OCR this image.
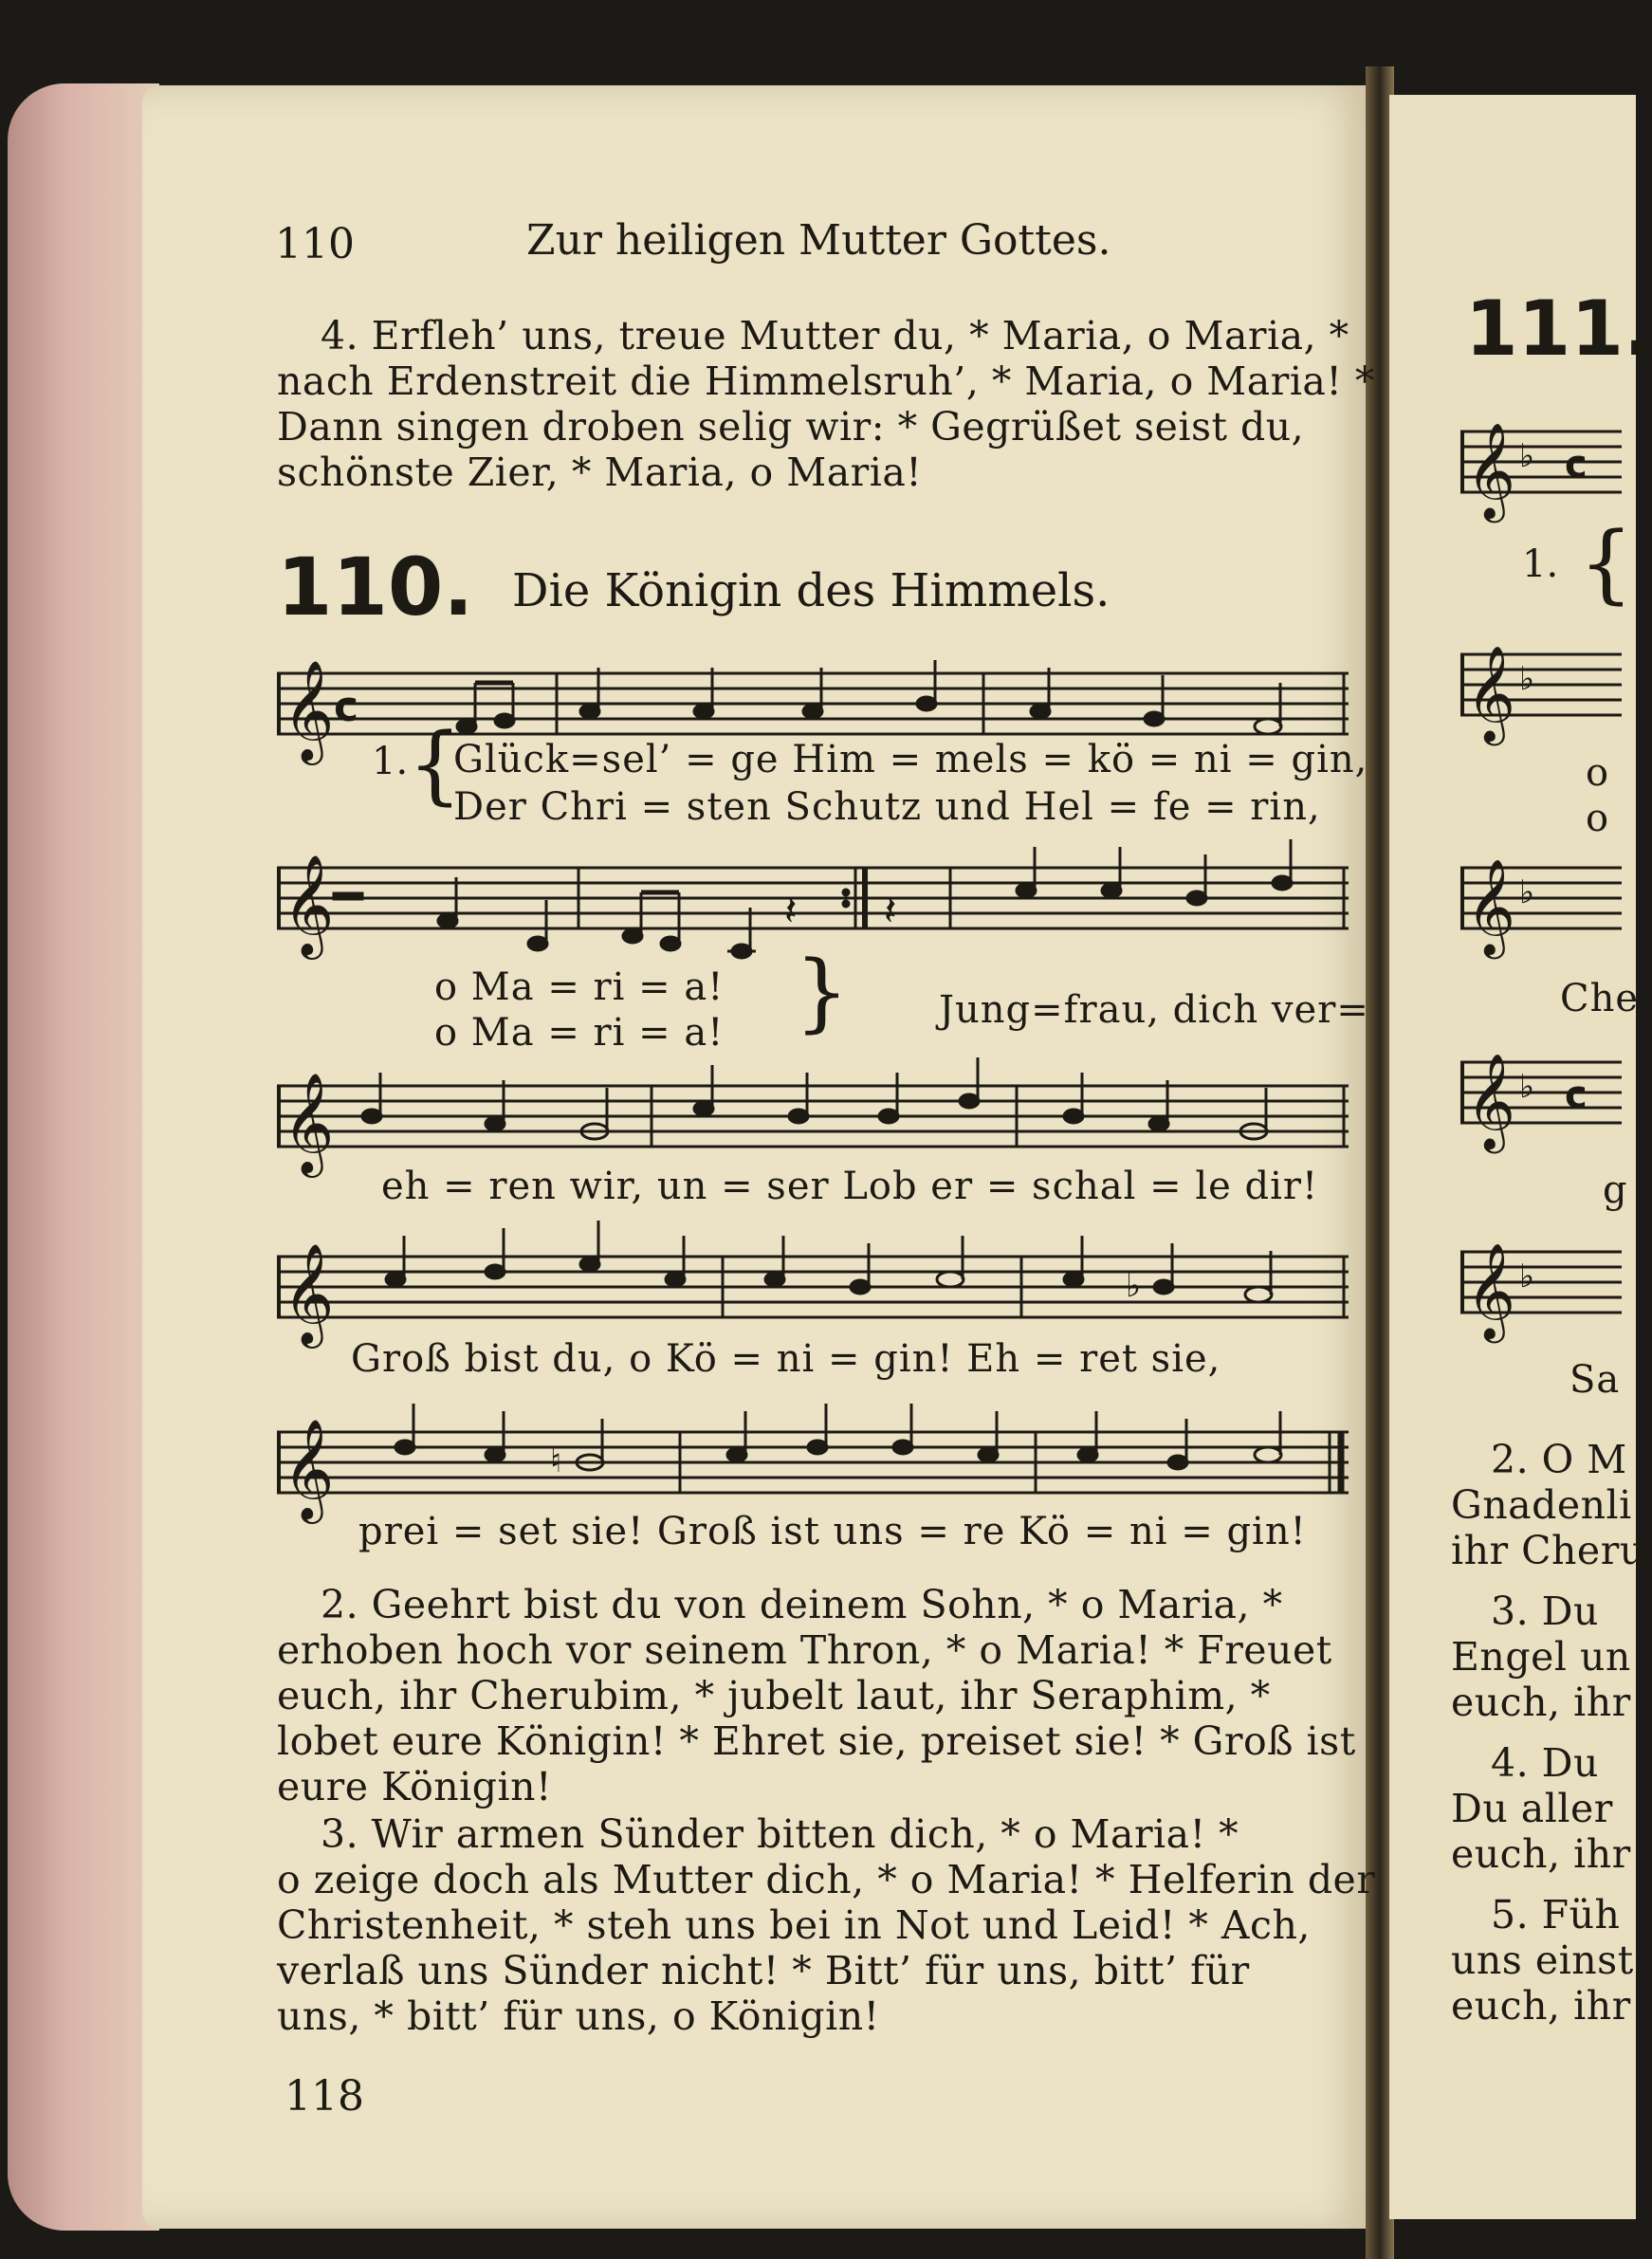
110	Zur heiligen Mutter Gottes.
4. Erfleh’ uns, treue Mutter du, * Maria, o Maria, *
nach Erdenstreit die Himmelsruh’, * Maria, o Maria! *
Dann singen droben selig wir: * Gegrüßet seist du,
schönste Zier, * Maria, o Maria!
110. Die Königin des Himmels.
𝄞 c
1. {
Glück=sel’ = ge Him = mels = kö = ni = gin,
Der Chri = sten Schutz und Hel = fe = rin,
𝄞	𝄽 𝄽
o Ma = ri = a!
o Ma = ri = a! } Jung=frau, dich ver=
𝄞
eh = ren wir, un = ser Lob er = schal = le dir!
𝄞	♭
Groß bist du, o Kö = ni = gin! Eh = ret sie,
𝄞	♮
prei = set sie! Groß ist uns = re Kö = ni = gin!
2. Geehrt bist du von deinem Sohn, * o Maria, *
erhoben hoch vor seinem Thron, * o Maria! * Freuet
euch, ihr Cherubim, * jubelt laut, ihr Seraphim, *
lobet eure Königin! * Ehret sie, preiset sie! * Groß ist
eure Königin!
3. Wir armen Sünder bitten dich, * o Maria! *
o zeige doch als Mutter dich, * o Maria! * Helferin der
Christenheit, * steh uns bei in Not und Leid! * Ach,
verlaß uns Sünder nicht! * Bitt’ für uns, bitt’ für
uns, * bitt’ für uns, o Königin!
118
111.
𝄞 ♭ c
1. {
𝄞 ♭
o
o
𝄞 ♭
Che
𝄞 ♭ c
g
𝄞 ♭
Sa
2. O M
Gnadenli
ihr Cheru
3. Du
Engel un
euch, ihr
4. Du
Du aller
euch, ihr
5. Füh
uns einst
euch, ihr
